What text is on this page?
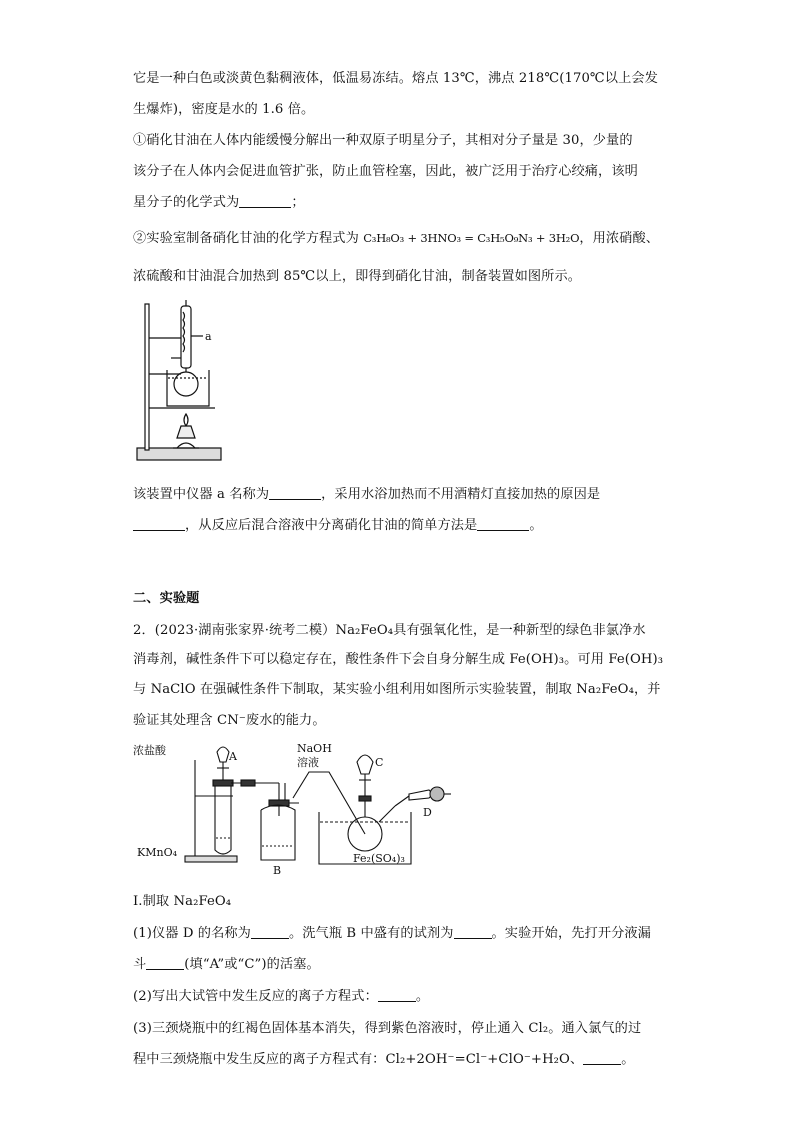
它是一种白色或淡黄色黏稠液体，低温易冻结。熔点 13℃，沸点 218℃(170℃以上会发
生爆炸)，密度是水的 1.6 倍。
①硝化甘油在人体内能缓慢分解出一种双原子明星分子，其相对分子量是 30，少量的
该分子在人体内会促进血管扩张，防止血管栓塞，因此，被广泛用于治疗心绞痛，该明
星分子的化学式为	；
②实验室制备硝化甘油的化学方程式为 C₃H₈O₃ + 3HNO₃ = C₃H₅O₉N₃ + 3H₂O，用浓硝酸、
浓硫酸和甘油混合加热到 85℃以上，即得到硝化甘油，制备装置如图所示。
a
该装置中仪器 a 名称为	，采用水浴加热而不用酒精灯直接加热的原因是
，从反应后混合溶液中分离硝化甘油的简单方法是	。
二、实验题
2．(2023·湖南张家界·统考二模）Na₂FeO₄具有强氧化性，是一种新型的绿色非氯净水
消毒剂，碱性条件下可以稳定存在，酸性条件下会自身分解生成 Fe(OH)₃。可用 Fe(OH)₃
与 NaClO 在强碱性条件下制取，某实验小组利用如图所示实验装置，制取 Na₂FeO₄，并
验证其处理含 CN⁻废水的能力。
浓盐酸	A
NaOH
溶液	C
D
KMnO₄
B
Fe₂(SO₄)₃
Ⅰ.制取 Na₂FeO₄
(1)仪器 D 的名称为	。洗气瓶 B 中盛有的试剂为	。实验开始，先打开分液漏
斗	(填“A”或“C”)的活塞。
(2)写出大试管中发生反应的离子方程式：	。
(3)三颈烧瓶中的红褐色固体基本消失，得到紫色溶液时，停止通入 Cl₂。通入氯气的过
程中三颈烧瓶中发生反应的离子方程式有：Cl₂+2OH⁻=Cl⁻+ClO⁻+H₂O、	。
